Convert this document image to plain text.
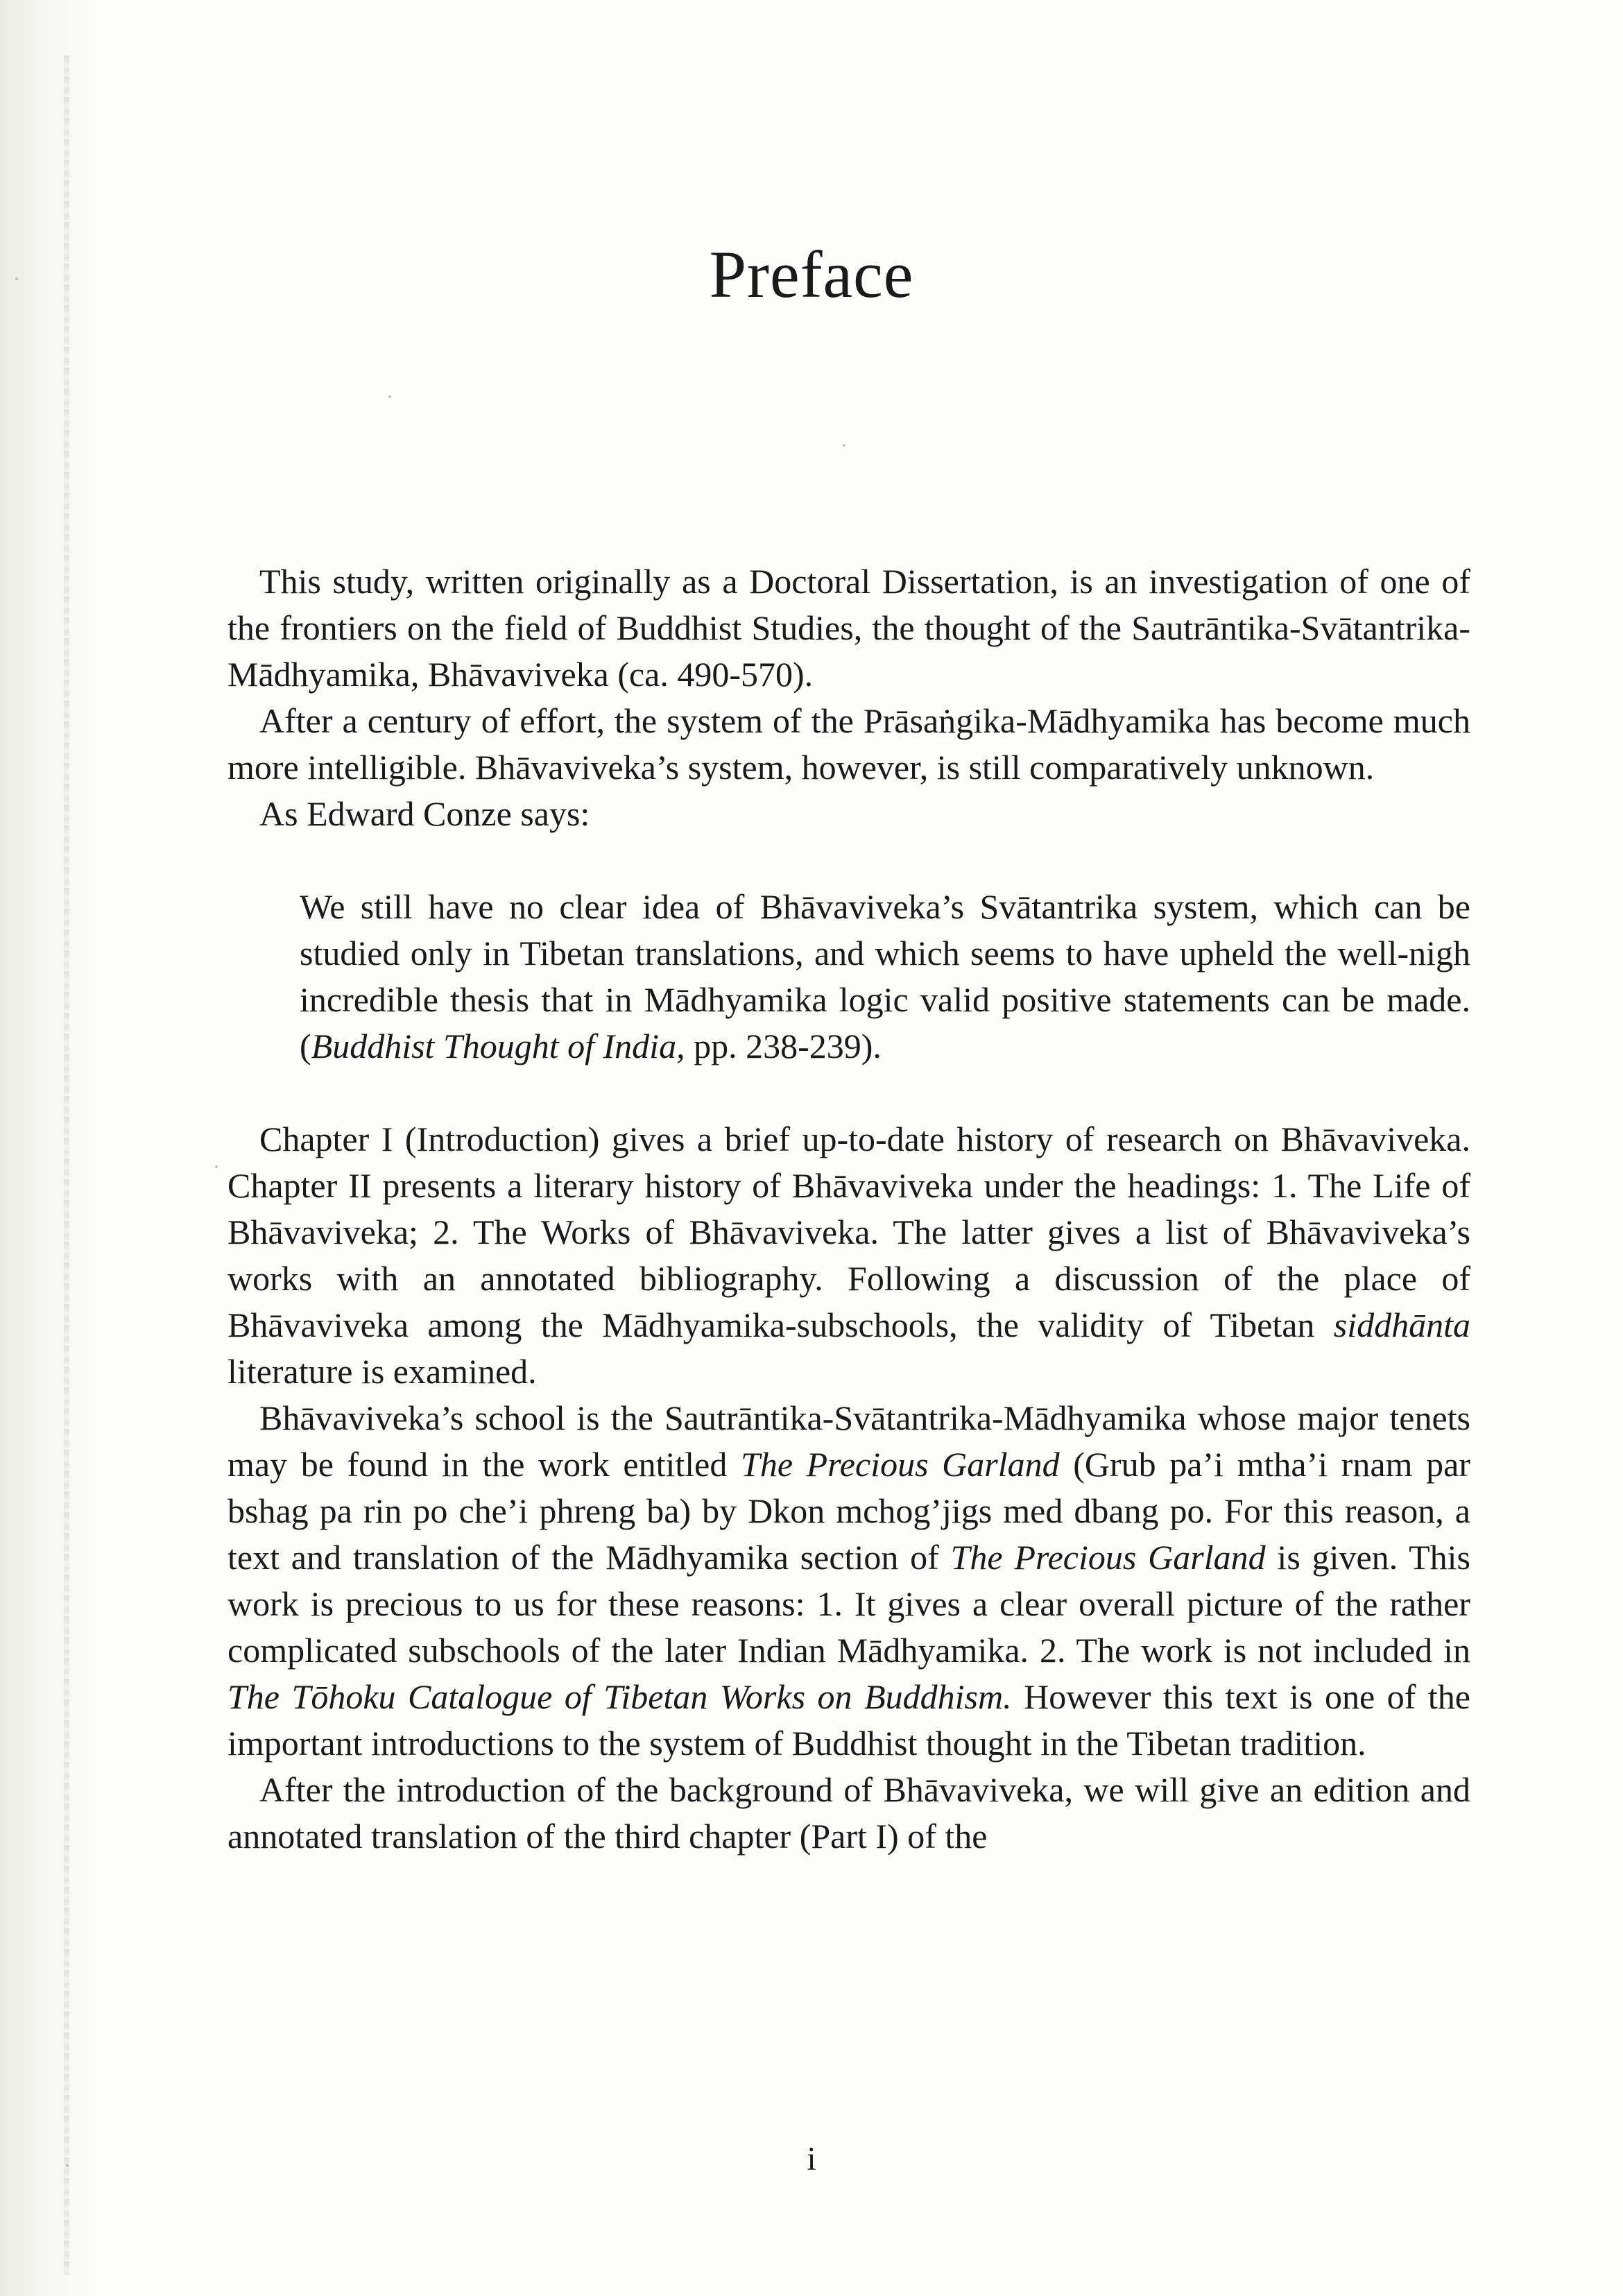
Preface

This study, written originally as a Doctoral Dissertation, is an investigation of one of the frontiers on the field of Buddhist Studies, the thought of the Sautrāntika-Svātantrika-Mādhyamika, Bhāvaviveka (ca. 490-570).

After a century of effort, the system of the Prāsaṅgika-Mādhyamika has become much more intelligible. Bhāvaviveka’s system, however, is still comparatively unknown.

As Edward Conze says:

We still have no clear idea of Bhāvaviveka’s Svātantrika system, which can be studied only in Tibetan translations, and which seems to have upheld the well-nigh incredible thesis that in Mādhyamika logic valid positive statements can be made. (Buddhist Thought of India, pp. 238-239).

Chapter I (Introduction) gives a brief up-to-date history of research on Bhāvaviveka. Chapter II presents a literary history of Bhāvaviveka under the headings: 1. The Life of Bhāvaviveka; 2. The Works of Bhāvaviveka. The latter gives a list of Bhāvaviveka’s works with an annotated bibliography. Following a discussion of the place of Bhāvaviveka among the Mādhyamika-subschools, the validity of Tibetan siddhānta literature is examined.

Bhāvaviveka’s school is the Sautrāntika-Svātantrika-Mādhyamika whose major tenets may be found in the work entitled The Precious Garland (Grub pa’i mtha’i rnam par bshag pa rin po che’i phreng ba) by Dkon mchog’jigs med dbang po. For this reason, a text and translation of the Mādhyamika section of The Precious Garland is given. This work is precious to us for these reasons: 1. It gives a clear overall picture of the rather complicated subschools of the later Indian Mādhyamika. 2. The work is not included in The Tōhoku Catalogue of Tibetan Works on Buddhism. However this text is one of the important introductions to the system of Buddhist thought in the Tibetan tradition.

After the introduction of the background of Bhāvaviveka, we will give an edition and annotated translation of the third chapter (Part I) of the

i
